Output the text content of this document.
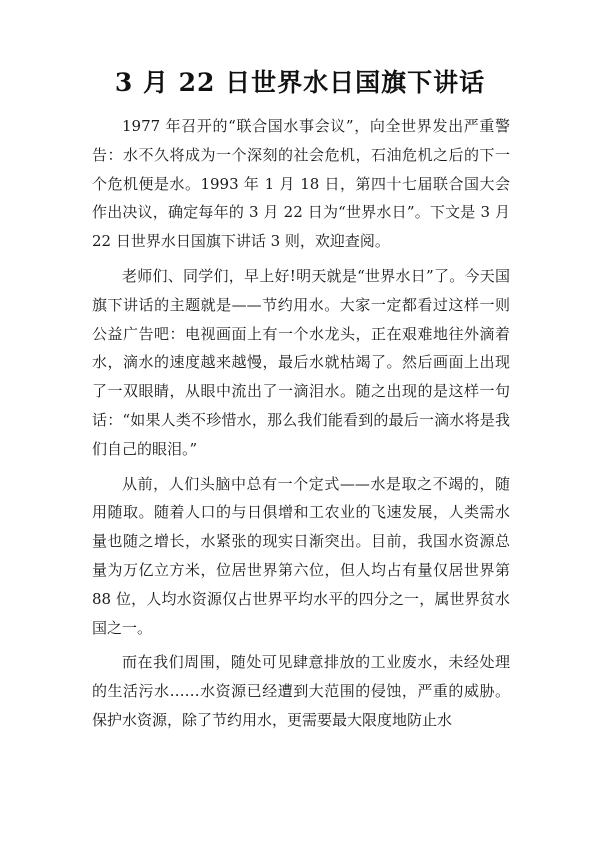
3 月 22 日世界水日国旗下讲话

1977 年召开的“联合国水事会议”，向全世界发出严重警告：水不久将成为一个深刻的社会危机，石油危机之后的下一个危机便是水。1993 年 1 月 18 日，第四十七届联合国大会作出决议，确定每年的 3 月 22 日为“世界水日”。下文是 3 月 22 日世界水日国旗下讲话 3 则，欢迎查阅。

老师们、同学们，早上好!明天就是“世界水日”了。今天国旗下讲话的主题就是——节约用水。大家一定都看过这样一则公益广告吧：电视画面上有一个水龙头，正在艰难地往外滴着水，滴水的速度越来越慢，最后水就枯竭了。然后画面上出现了一双眼睛，从眼中流出了一滴泪水。随之出现的是这样一句话：“如果人类不珍惜水，那么我们能看到的最后一滴水将是我们自己的眼泪。”

从前，人们头脑中总有一个定式——水是取之不竭的，随用随取。随着人口的与日俱增和工农业的飞速发展，人类需水量也随之增长，水紧张的现实日渐突出。目前，我国水资源总量为万亿立方米，位居世界第六位，但人均占有量仅居世界第 88 位，人均水资源仅占世界平均水平的四分之一，属世界贫水国之一。

而在我们周围，随处可见肆意排放的工业废水，未经处理的生活污水……水资源已经遭到大范围的侵蚀，严重的威胁。保护水资源，除了节约用水，更需要最大限度地防止水
